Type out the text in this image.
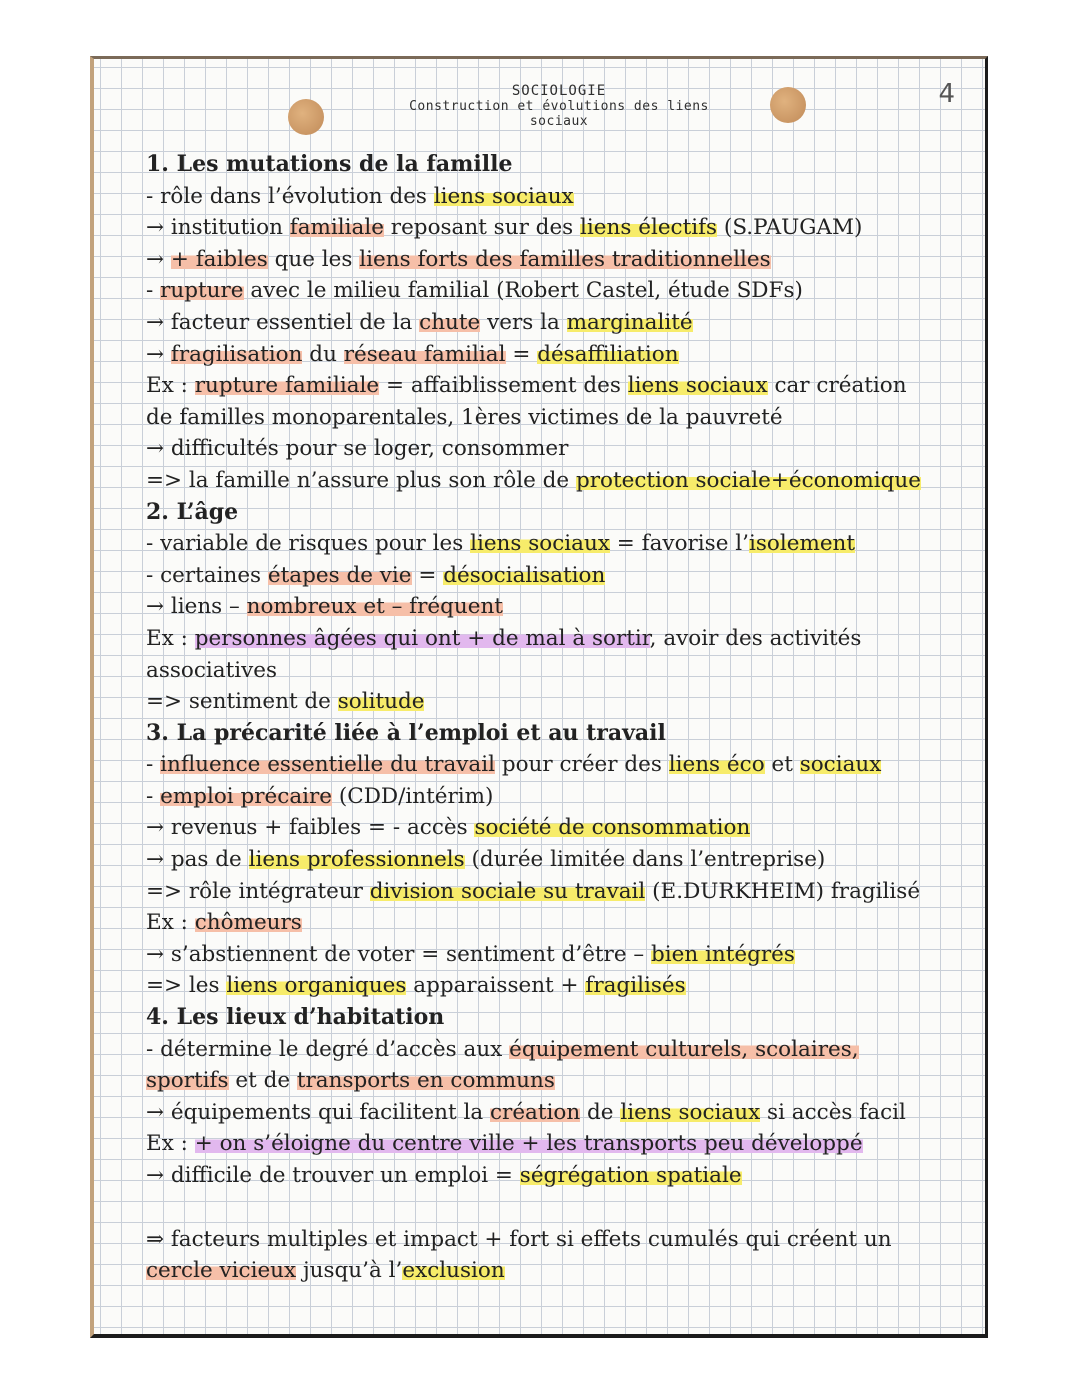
SOCIOLOGIE
Construction et évolutions des liens sociaux
4
1. Les mutations de la famille
- rôle dans l’évolution des liens sociaux
→ institution familiale reposant sur des liens électifs (S.PAUGAM)
→ + faibles que les liens forts des familles traditionnelles
- rupture avec le milieu familial (Robert Castel, étude SDFs)
→ facteur essentiel de la chute vers la marginalité
→ fragilisation du réseau familial = désaffiliation
Ex : rupture familiale = affaiblissement des liens sociaux car création
de familles monoparentales, 1ères victimes de la pauvreté
→ difficultés pour se loger, consommer
=> la famille n’assure plus son rôle de protection sociale+économique
2. L’âge
- variable de risques pour les liens sociaux = favorise l’isolement
- certaines étapes de vie = désocialisation
→ liens – nombreux et – fréquent
Ex : personnes âgées qui ont + de mal à sortir, avoir des activités
associatives
=> sentiment de solitude
3. La précarité liée à l’emploi et au travail
- influence essentielle du travail pour créer des liens éco et sociaux
- emploi précaire (CDD/intérim)
→ revenus + faibles = - accès société de consommation
→ pas de liens professionnels (durée limitée dans l’entreprise)
=> rôle intégrateur division sociale su travail (E.DURKHEIM) fragilisé
Ex : chômeurs
→ s’abstiennent de voter = sentiment d’être – bien intégrés
=> les liens organiques apparaissent + fragilisés
4. Les lieux d’habitation
- détermine le degré d’accès aux équipement culturels, scolaires,
sportifs et de transports en communs
→ équipements qui facilitent la création de liens sociaux si accès facil
Ex : + on s’éloigne du centre ville + les transports peu développé
→ difficile de trouver un emploi = ségrégation spatiale
⇒ facteurs multiples et impact + fort si effets cumulés qui créent un
cercle vicieux jusqu’à l’exclusion
